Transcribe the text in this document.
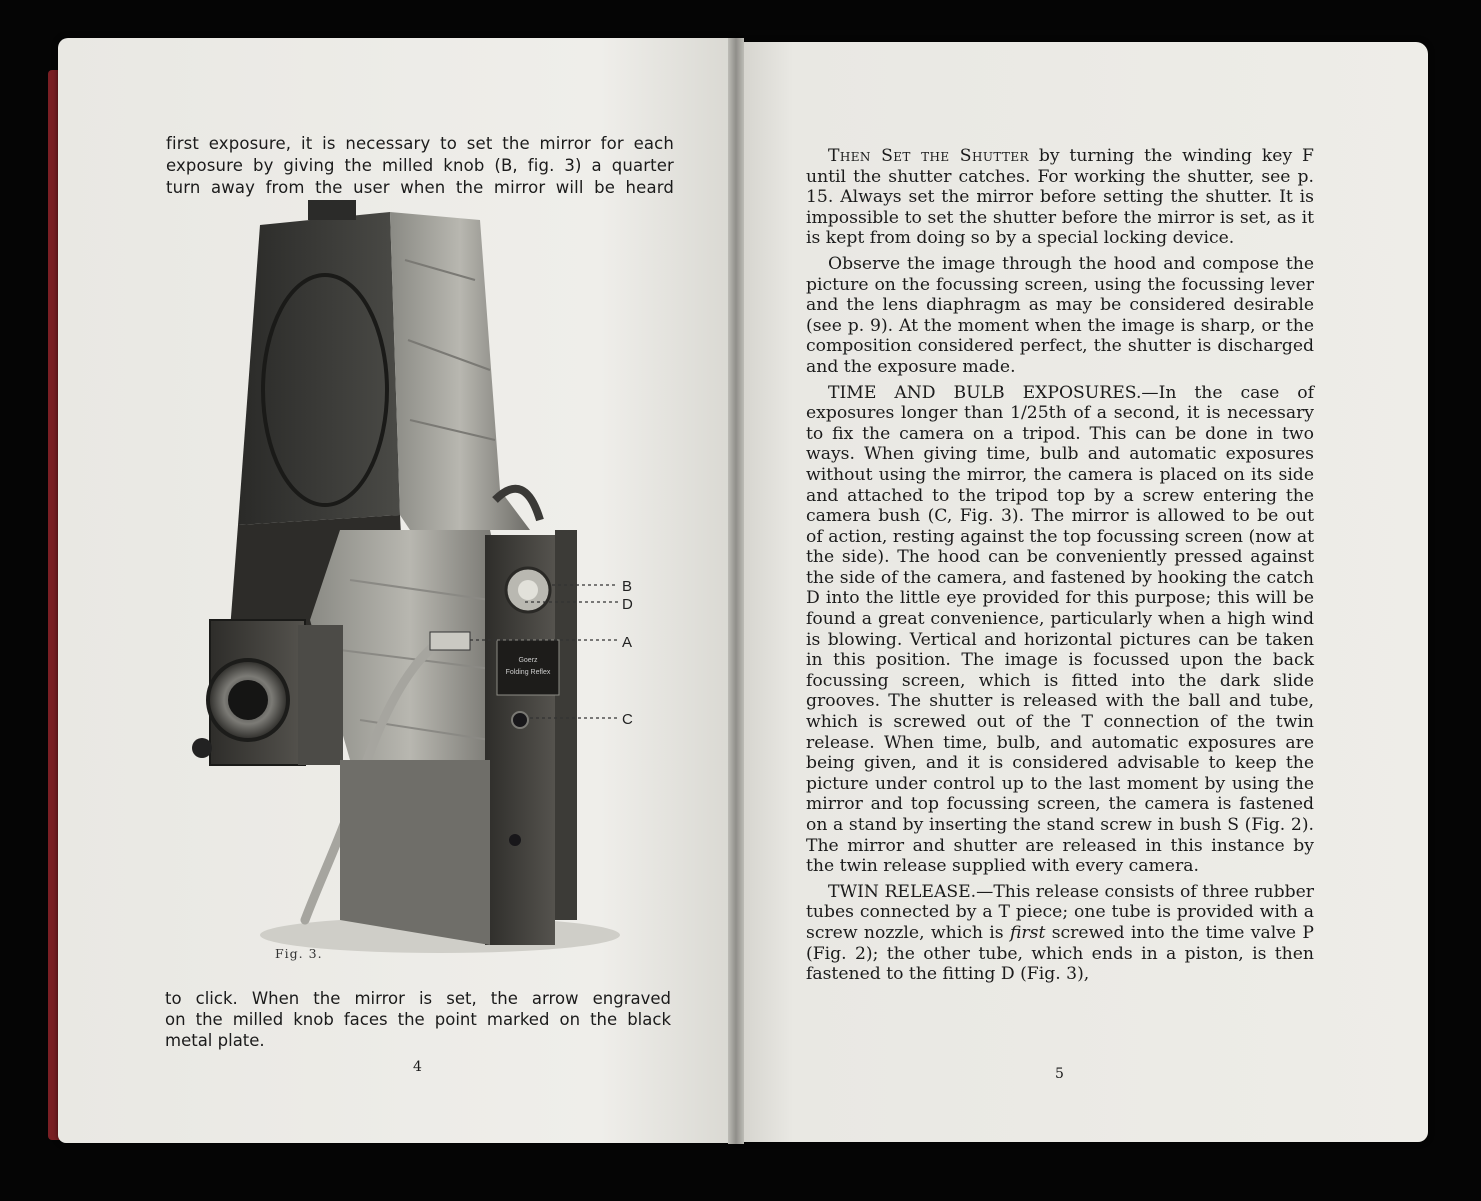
first exposure, it is necessary to set the mirror for each
exposure by giving the milled knob (B, fig. 3) a quarter
turn away from the user when the mirror will be heard
B
D
A
C
Goerz
Folding Reflex
Fig. 3.
to click. When the mirror is set, the arrow engraved
on the milled knob faces the point marked on the black
metal plate.
4

Then Set the Shutter by turning the winding key F until the shutter catches. For working the shutter, see p. 15. Always set the mirror before setting the shutter. It is impossible to set the shutter before the mirror is set, as it is kept from doing so by a special locking device.

Observe the image through the hood and compose the picture on the focussing screen, using the focussing lever and the lens diaphragm as may be considered desirable (see p. 9). At the moment when the image is sharp, or the composition considered perfect, the shutter is discharged and the exposure made.

TIME AND BULB EXPOSURES.—In the case of exposures longer than 1/25th of a second, it is necessary to fix the camera on a tripod. This can be done in two ways. When giving time, bulb and automatic exposures without using the mirror, the camera is placed on its side and attached to the tripod top by a screw entering the camera bush (C, Fig. 3). The mirror is allowed to be out of action, resting against the top focussing screen (now at the side). The hood can be conveniently pressed against the side of the camera, and fastened by hooking the catch D into the little eye provided for this purpose; this will be found a great convenience, particularly when a high wind is blowing. Vertical and horizontal pictures can be taken in this position. The image is focussed upon the back focussing screen, which is fitted into the dark slide grooves. The shutter is released with the ball and tube, which is screwed out of the T connection of the twin release. When time, bulb, and automatic exposures are being given, and it is considered advisable to keep the picture under control up to the last moment by using the mirror and top focussing screen, the camera is fastened on a stand by inserting the stand screw in bush S (Fig. 2). The mirror and shutter are released in this instance by the twin release supplied with every camera.

TWIN RELEASE.—This release consists of three rubber tubes connected by a T piece; one tube is provided with a screw nozzle, which is first screwed into the time valve P (Fig. 2); the other tube, which ends in a piston, is then fastened to the fitting D (Fig. 3),

5
